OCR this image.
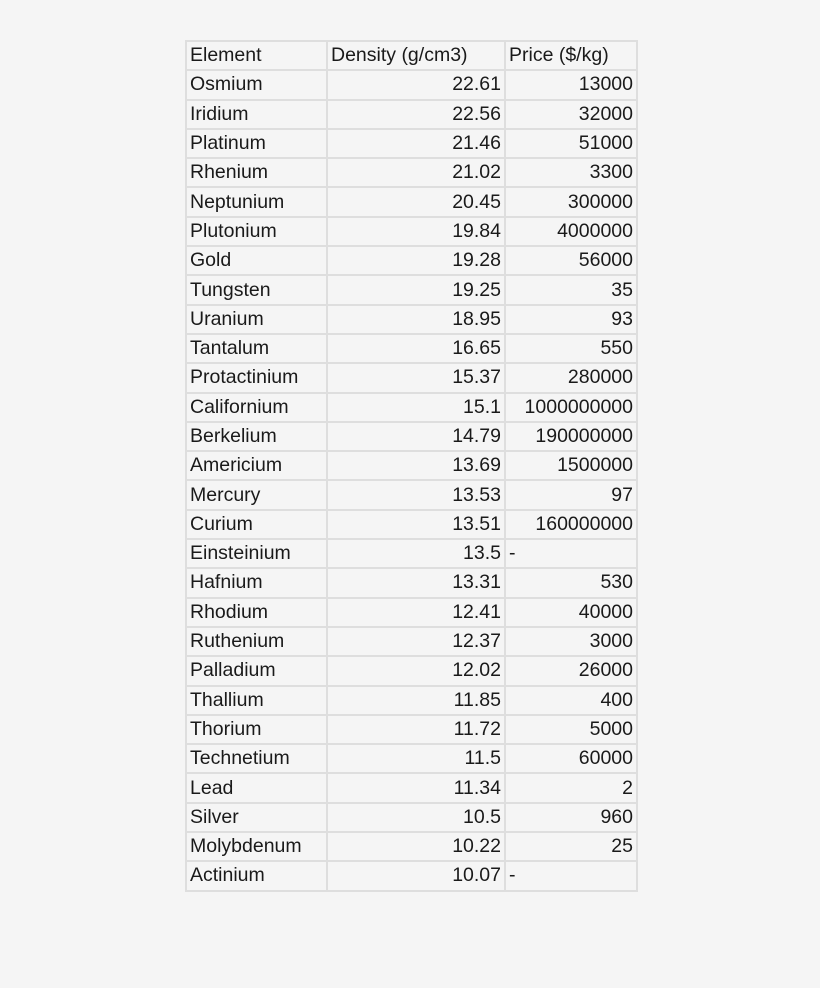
Element	Density (g/cm3)	Price ($/kg)
Osmium	22.61	13000
Iridium	22.56	32000
Platinum	21.46	51000
Rhenium	21.02	3300
Neptunium	20.45	300000
Plutonium	19.84	4000000
Gold	19.28	56000
Tungsten	19.25	35
Uranium	18.95	93
Tantalum	16.65	550
Protactinium	15.37	280000
Californium	15.1	1000000000
Berkelium	14.79	190000000
Americium	13.69	1500000
Mercury	13.53	97
Curium	13.51	160000000
Einsteinium	13.5	-
Hafnium	13.31	530
Rhodium	12.41	40000
Ruthenium	12.37	3000
Palladium	12.02	26000
Thallium	11.85	400
Thorium	11.72	5000
Technetium	11.5	60000
Lead	11.34	2
Silver	10.5	960
Molybdenum	10.22	25
Actinium	10.07	-
